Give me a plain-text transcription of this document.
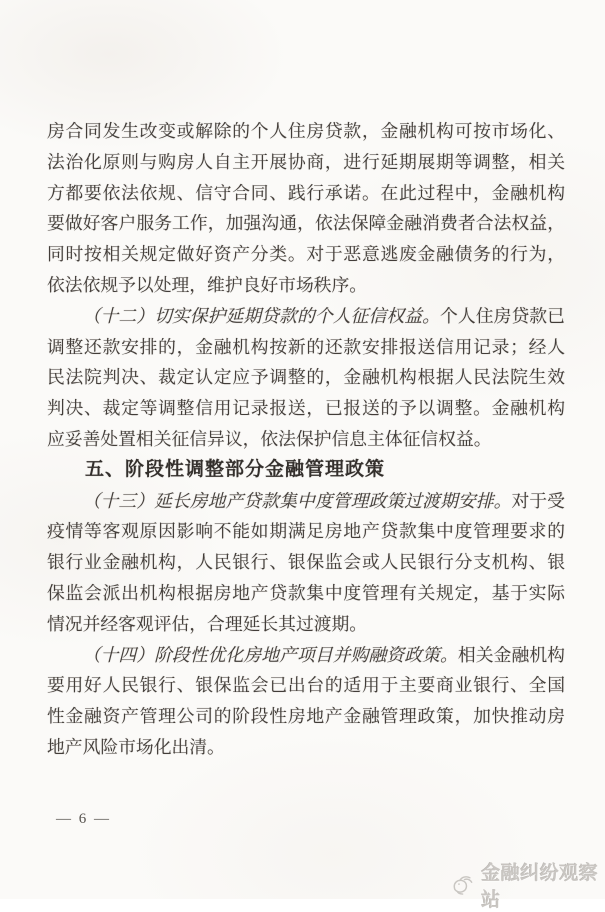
房合同发生改变或解除的个人住房贷款，金融机构可按市场化、
法治化原则与购房人自主开展协商，进行延期展期等调整，相关
方都要依法依规、信守合同、践行承诺。在此过程中，金融机构
要做好客户服务工作，加强沟通，依法保障金融消费者合法权益，
同时按相关规定做好资产分类。对于恶意逃废金融债务的行为，
依法依规予以处理，维护良好市场秩序。
（十二）切实保护延期贷款的个人征信权益。个人住房贷款已
调整还款安排的，金融机构按新的还款安排报送信用记录；经人
民法院判决、裁定认定应予调整的，金融机构根据人民法院生效
判决、裁定等调整信用记录报送，已报送的予以调整。金融机构
应妥善处置相关征信异议，依法保护信息主体征信权益。
五、阶段性调整部分金融管理政策
（十三）延长房地产贷款集中度管理政策过渡期安排。对于受
疫情等客观原因影响不能如期满足房地产贷款集中度管理要求的
银行业金融机构，人民银行、银保监会或人民银行分支机构、银
保监会派出机构根据房地产贷款集中度管理有关规定，基于实际
情况并经客观评估，合理延长其过渡期。
（十四）阶段性优化房地产项目并购融资政策。相关金融机构
要用好人民银行、银保监会已出台的适用于主要商业银行、全国
性金融资产管理公司的阶段性房地产金融管理政策，加快推动房
地产风险市场化出清。
— 6 —
金融纠纷观察站
